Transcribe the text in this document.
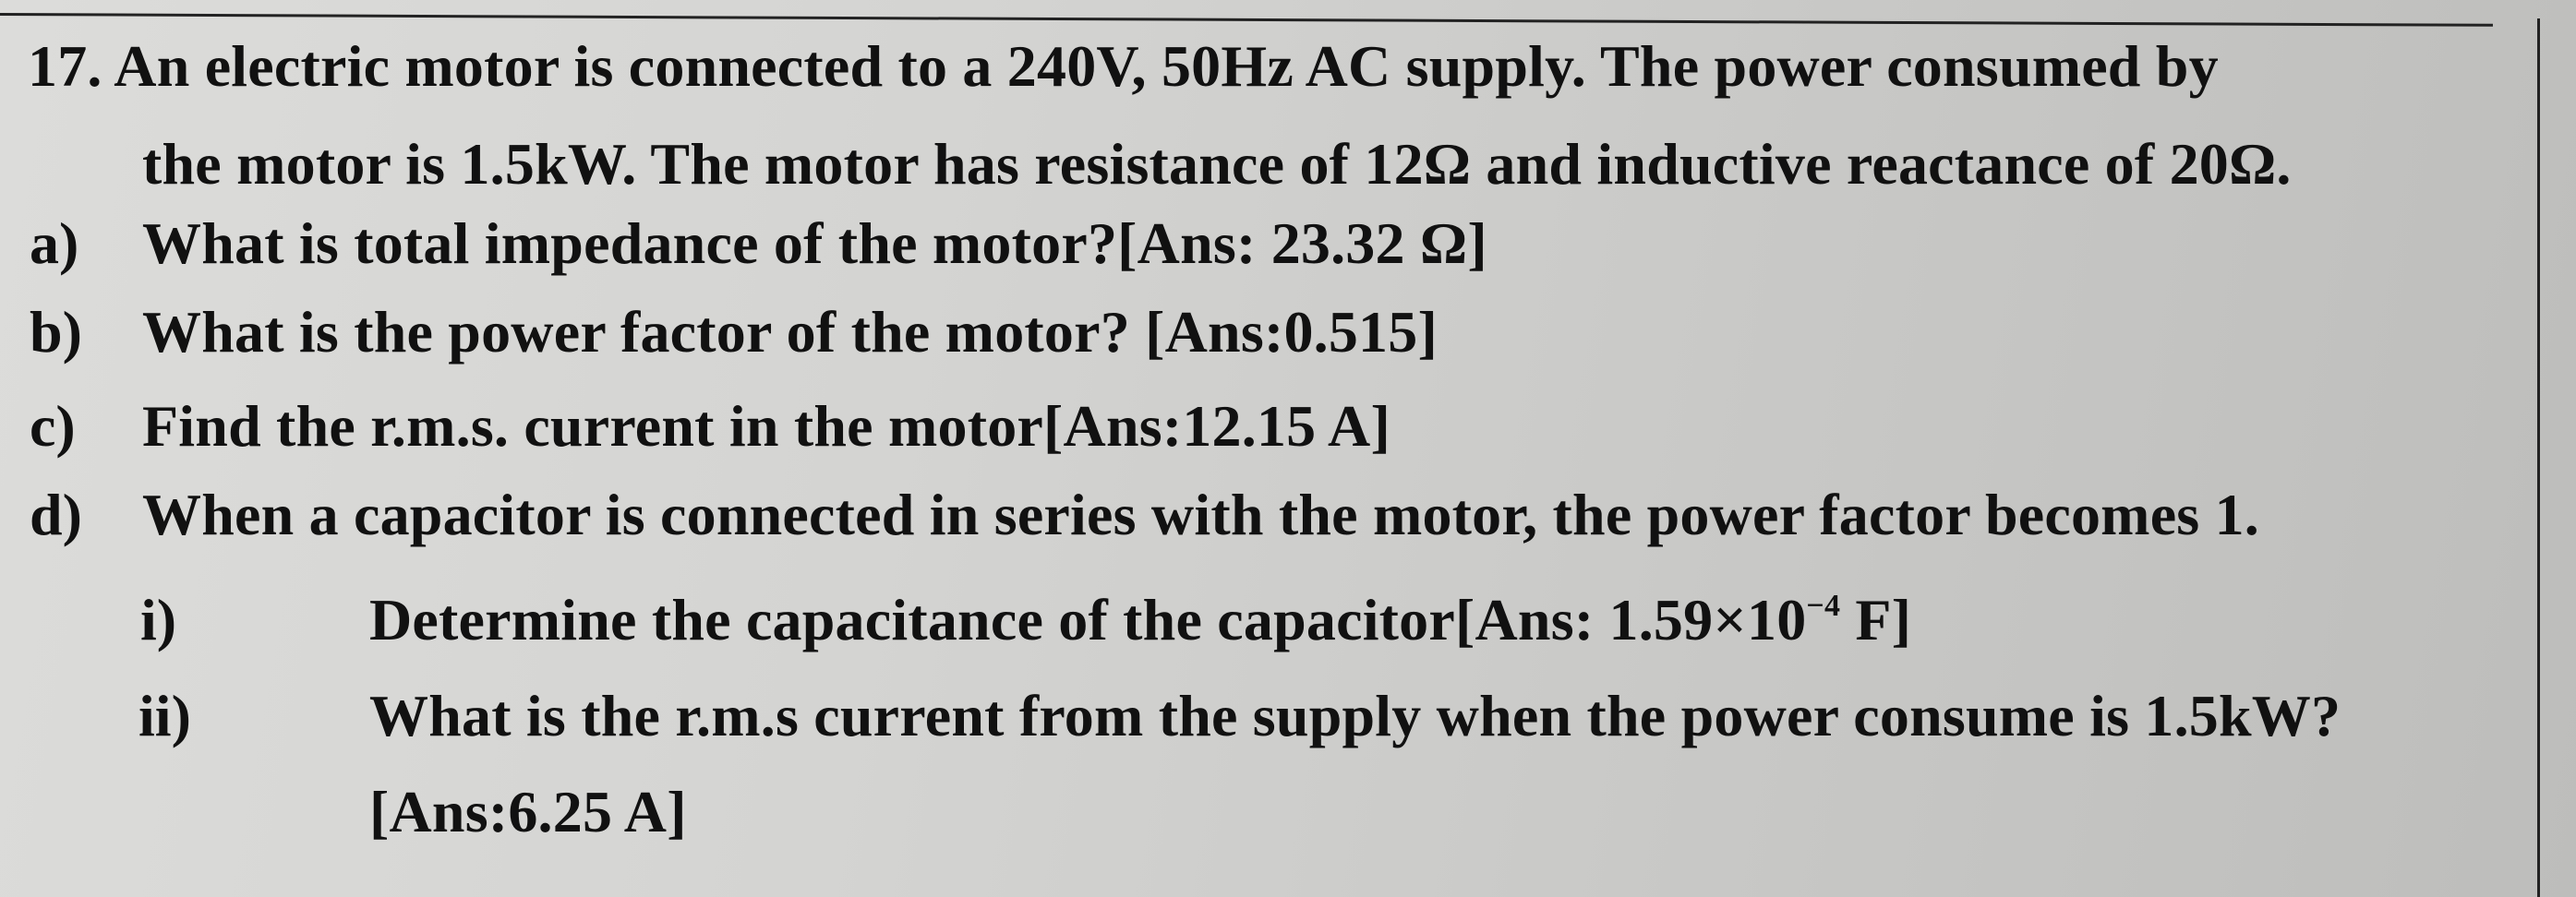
17. An electric motor is connected to a 240V, 50Hz AC supply. The power consumed by
the motor is 1.5kW. The motor has resistance of 12Ω and inductive reactance of 20Ω.
a) What is total impedance of the motor?[Ans: 23.32 Ω]
b) What is the power factor of the motor? [Ans:0.515]
c) Find the r.m.s. current in the motor[Ans:12.15 A]
d) When a capacitor is connected in series with the motor, the power factor becomes 1.
i)	Determine the capacitance of the capacitor[Ans: $1.59\times 10^{-4}$ F]
ii)	What is the r.m.s current from the supply when the power consume is 1.5kW?
[Ans:6.25 A]
